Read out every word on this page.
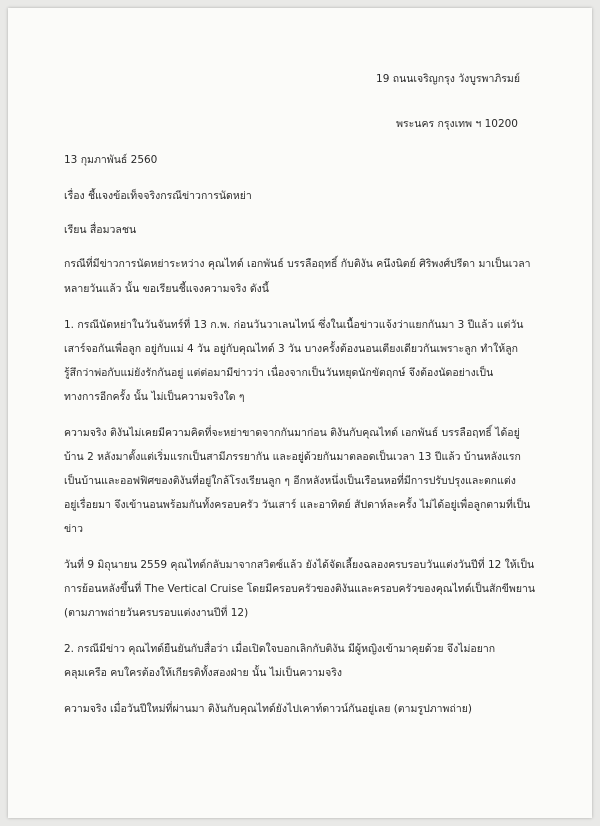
19 ถนนเจริญกรุง วังบูรพาภิรมย์
พระนคร กรุงเทพ ฯ 10200
13 กุมภาพันธ์ 2560
เรื่อง ชี้แจงข้อเท็จจริงกรณีข่าวการนัดหย่า
เรียน สื่อมวลชน
กรณีที่มีข่าวการนัดหย่าระหว่าง คุณไทด์ เอกพันธ์ บรรลือฤทธิ์ กับติงัน คนึงนิตย์ ศิริพงศ์ปรีดา มาเป็นเวลา
หลายวันแล้ว นั้น ขอเรียนชี้แจงความจริง ดังนี้
1. กรณีนัดหย่าในวันจันทร์ที่ 13 ก.พ. ก่อนวันวาเลนไทน์ ซึ่งในเนื้อข่าวแจ้งว่าแยกกันมา 3 ปีแล้ว แต่วัน
เสาร์จอกันเพื่อลูก อยู่กับแม่ 4 วัน อยู่กับคุณไทด์ 3 วัน บางครั้งต้องนอนเตียงเดียวกันเพราะลูก ทำให้ลูก
รู้สึกว่าพ่อกับแม่ยังรักกันอยู่ แต่ต่อมามีข่าวว่า เนื่องจากเป็นวันหยุดนักขัตฤกษ์ จึงต้องนัดอย่างเป็น
ทางการอีกครั้ง นั้น ไม่เป็นความจริงใด ๆ
ความจริง ติงันไม่เคยมีความคิดที่จะหย่าขาดจากกันมาก่อน ติงันกับคุณไทด์ เอกพันธ์ บรรลือฤทธิ์ ได้อยู่
บ้าน 2 หลังมาตั้งแต่เริ่มแรกเป็นสามีภรรยากัน และอยู่ด้วยกันมาตลอดเป็นเวลา 13 ปีแล้ว บ้านหลังแรก
เป็นบ้านและออฟฟิศของติงันที่อยู่ใกล้โรงเรียนลูก ๆ อีกหลังหนึ่งเป็นเรือนหอที่มีการปรับปรุงและตกแต่ง
อยู่เรื่อยมา จึงเข้านอนพร้อมกันทั้งครอบครัว วันเสาร์ และอาทิตย์ สัปดาห์ละครั้ง ไม่ได้อยู่เพื่อลูกตามที่เป็น
ข่าว
วันที่ 9 มิถุนายน 2559 คุณไทด์กลับมาจากสวิตซ์แล้ว ยังได้จัดเลี้ยงฉลองครบรอบวันแต่งวันปีที่ 12 ให้เป็น
การย้อนหลังขึ้นที่ The Vertical Cruise โดยมีครอบครัวของติงันและครอบครัวของคุณไทด์เป็นสักขีพยาน
(ตามภาพถ่ายวันครบรอบแต่งงานปีที่ 12)
2. กรณีมีข่าว คุณไทด์ยืนยันกับสื่อว่า เมื่อเปิดใจบอกเลิกกับติงัน มีผู้หญิงเข้ามาคุยด้วย จึงไม่อยาก
คลุมเครือ คบใครต้องให้เกียรติทั้งสองฝ่าย นั้น ไม่เป็นความจริง
ความจริง เมื่อวันปีใหม่ที่ผ่านมา ติงันกับคุณไทด์ยังไปเคาท์ดาวน์กันอยู่เลย (ตามรูปภาพถ่าย)
